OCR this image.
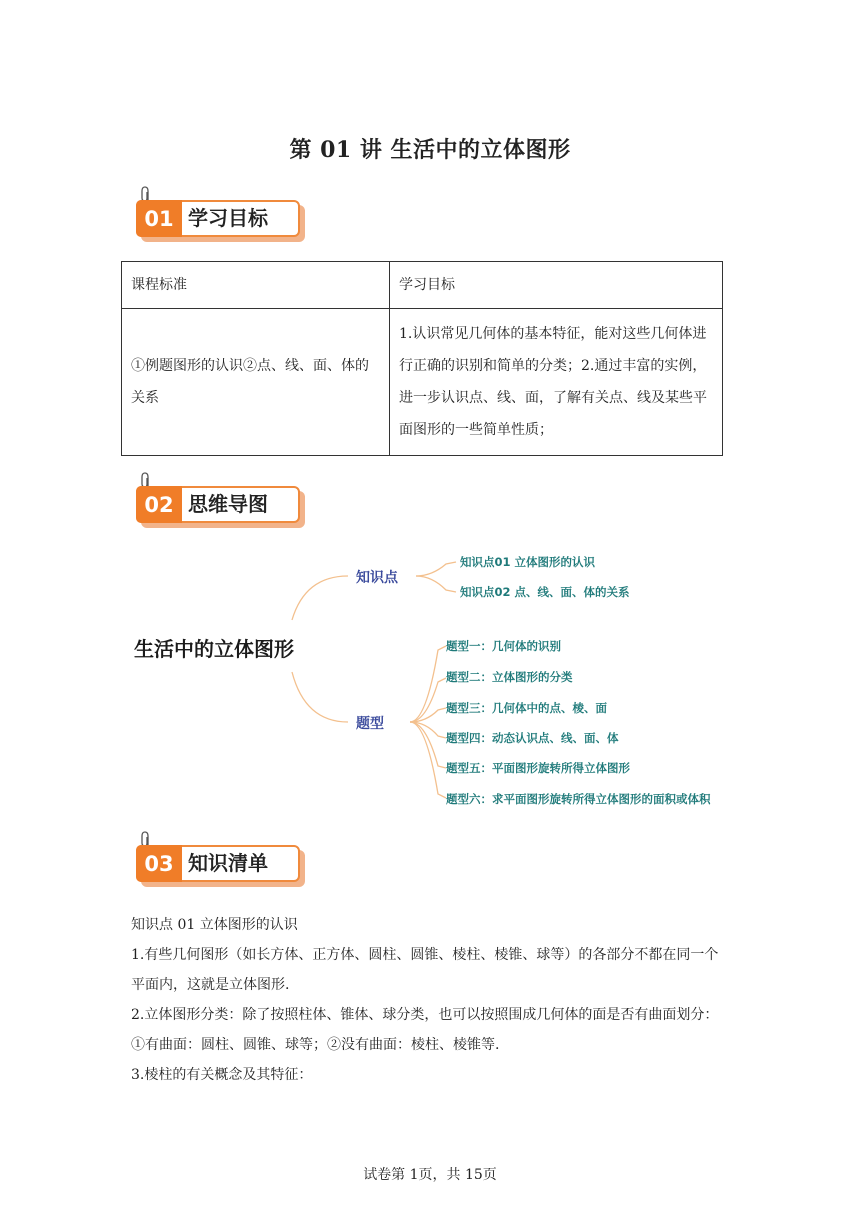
第 01 讲 生活中的立体图形
01 学习目标
课程标准	学习目标
①例题图形的认识②点、线、面、体的关系	1.认识常见几何体的基本特征，能对这些几何体进行正确的识别和简单的分类；2.通过丰富的实例，进一步认识点、线、面，了解有关点、线及某些平面图形的一些简单性质；
02 思维导图
生活中的立体图形
知识点
题型
知识点01 立体图形的认识
知识点02 点、线、面、体的关系
题型一：几何体的识别
题型二：立体图形的分类
题型三：几何体中的点、棱、面
题型四：动态认识点、线、面、体
题型五：平面图形旋转所得立体图形
题型六：求平面图形旋转所得立体图形的面积或体积
03 知识清单
知识点 01 立体图形的认识
1.有些几何图形（如长方体、正方体、圆柱、圆锥、棱柱、棱锥、球等）的各部分不都在同一个平面内，这就是立体图形.
2.立体图形分类：除了按照柱体、锥体、球分类，也可以按照围成几何体的面是否有曲面划分：①有曲面：圆柱、圆锥、球等；②没有曲面：棱柱、棱锥等.
3.棱柱的有关概念及其特征：
试卷第 1页，共 15页
